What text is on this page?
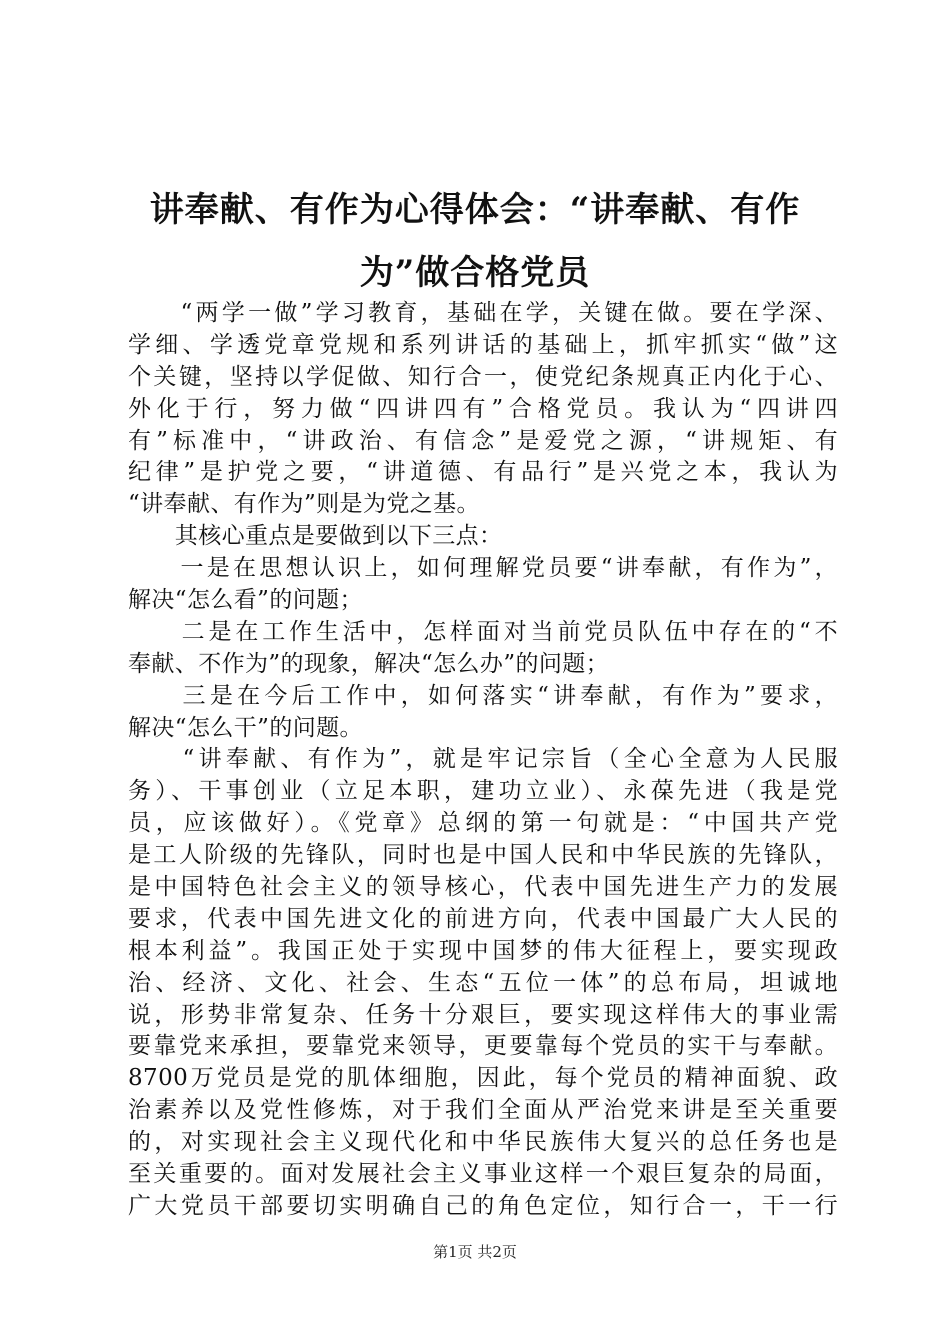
讲奉献、有作为心得体会：“讲奉献、有作
为”做合格党员
　　“两学一做”学习教育，基础在学，关键在做。要在学深、
学细、学透党章党规和系列讲话的基础上，抓牢抓实“做”这
个关键，坚持以学促做、知行合一，使党纪条规真正内化于心、
外化于行，努力做“四讲四有”合格党员。我认为“四讲四
有”标准中，“讲政治、有信念”是爱党之源，“讲规矩、有
纪律”是护党之要，“讲道德、有品行”是兴党之本，我认为
“讲奉献、有作为”则是为党之基。
　　其核心重点是要做到以下三点：
　　一是在思想认识上，如何理解党员要“讲奉献，有作为”，
解决“怎么看”的问题；
　　二是在工作生活中，怎样面对当前党员队伍中存在的“不
奉献、不作为”的现象，解决“怎么办”的问题；
　　三是在今后工作中，如何落实“讲奉献，有作为”要求，
解决“怎么干”的问题。
　　“讲奉献、有作为”，就是牢记宗旨（全心全意为人民服
务）、干事创业（立足本职，建功立业）、永葆先进（我是党
员，应该做好）。《党章》总纲的第一句就是：“中国共产党
是工人阶级的先锋队，同时也是中国人民和中华民族的先锋队，
是中国特色社会主义的领导核心，代表中国先进生产力的发展
要求，代表中国先进文化的前进方向，代表中国最广大人民的
根本利益”。我国正处于实现中国梦的伟大征程上，要实现政
治、经济、文化、社会、生态“五位一体”的总布局，坦诚地
说，形势非常复杂、任务十分艰巨，要实现这样伟大的事业需
要靠党来承担，要靠党来领导，更要靠每个党员的实干与奉献。
8700万党员是党的肌体细胞，因此，每个党员的精神面貌、政
治素养以及党性修炼，对于我们全面从严治党来讲是至关重要
的，对实现社会主义现代化和中华民族伟大复兴的总任务也是
至关重要的。面对发展社会主义事业这样一个艰巨复杂的局面，
广大党员干部要切实明确自己的角色定位，知行合一，干一行
第1页 共2页
